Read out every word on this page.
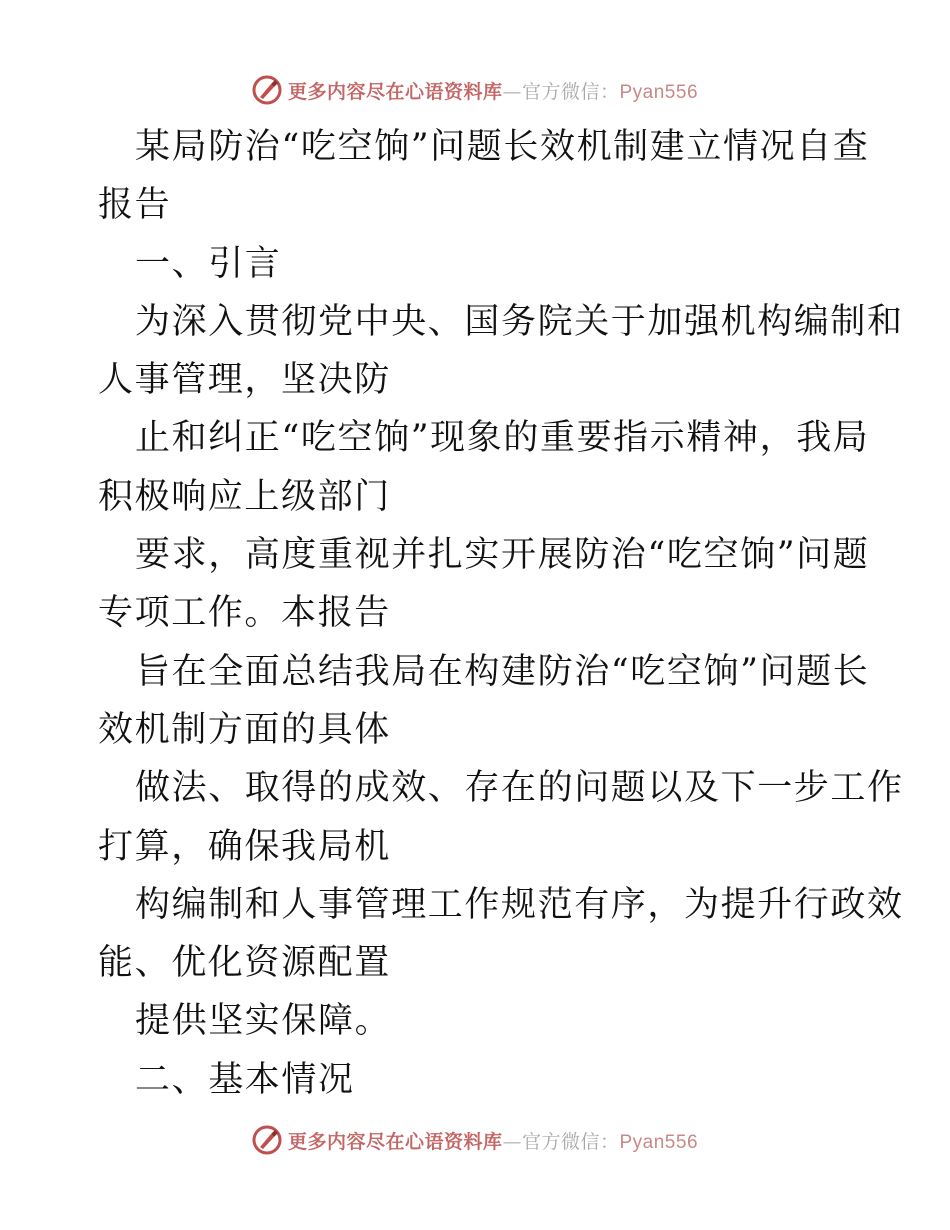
更多内容尽在心语资料库—官方微信：Pyan556
某局防治“吃空饷”问题长效机制建立情况自查
报告
一、引言
为深入贯彻党中央、国务院关于加强机构编制和
人事管理，坚决防
止和纠正“吃空饷”现象的重要指示精神，我局
积极响应上级部门
要求，高度重视并扎实开展防治“吃空饷”问题
专项工作。本报告
旨在全面总结我局在构建防治“吃空饷”问题长
效机制方面的具体
做法、取得的成效、存在的问题以及下一步工作
打算，确保我局机
构编制和人事管理工作规范有序，为提升行政效
能、优化资源配置
提供坚实保障。
二、基本情况
更多内容尽在心语资料库—官方微信：Pyan556
